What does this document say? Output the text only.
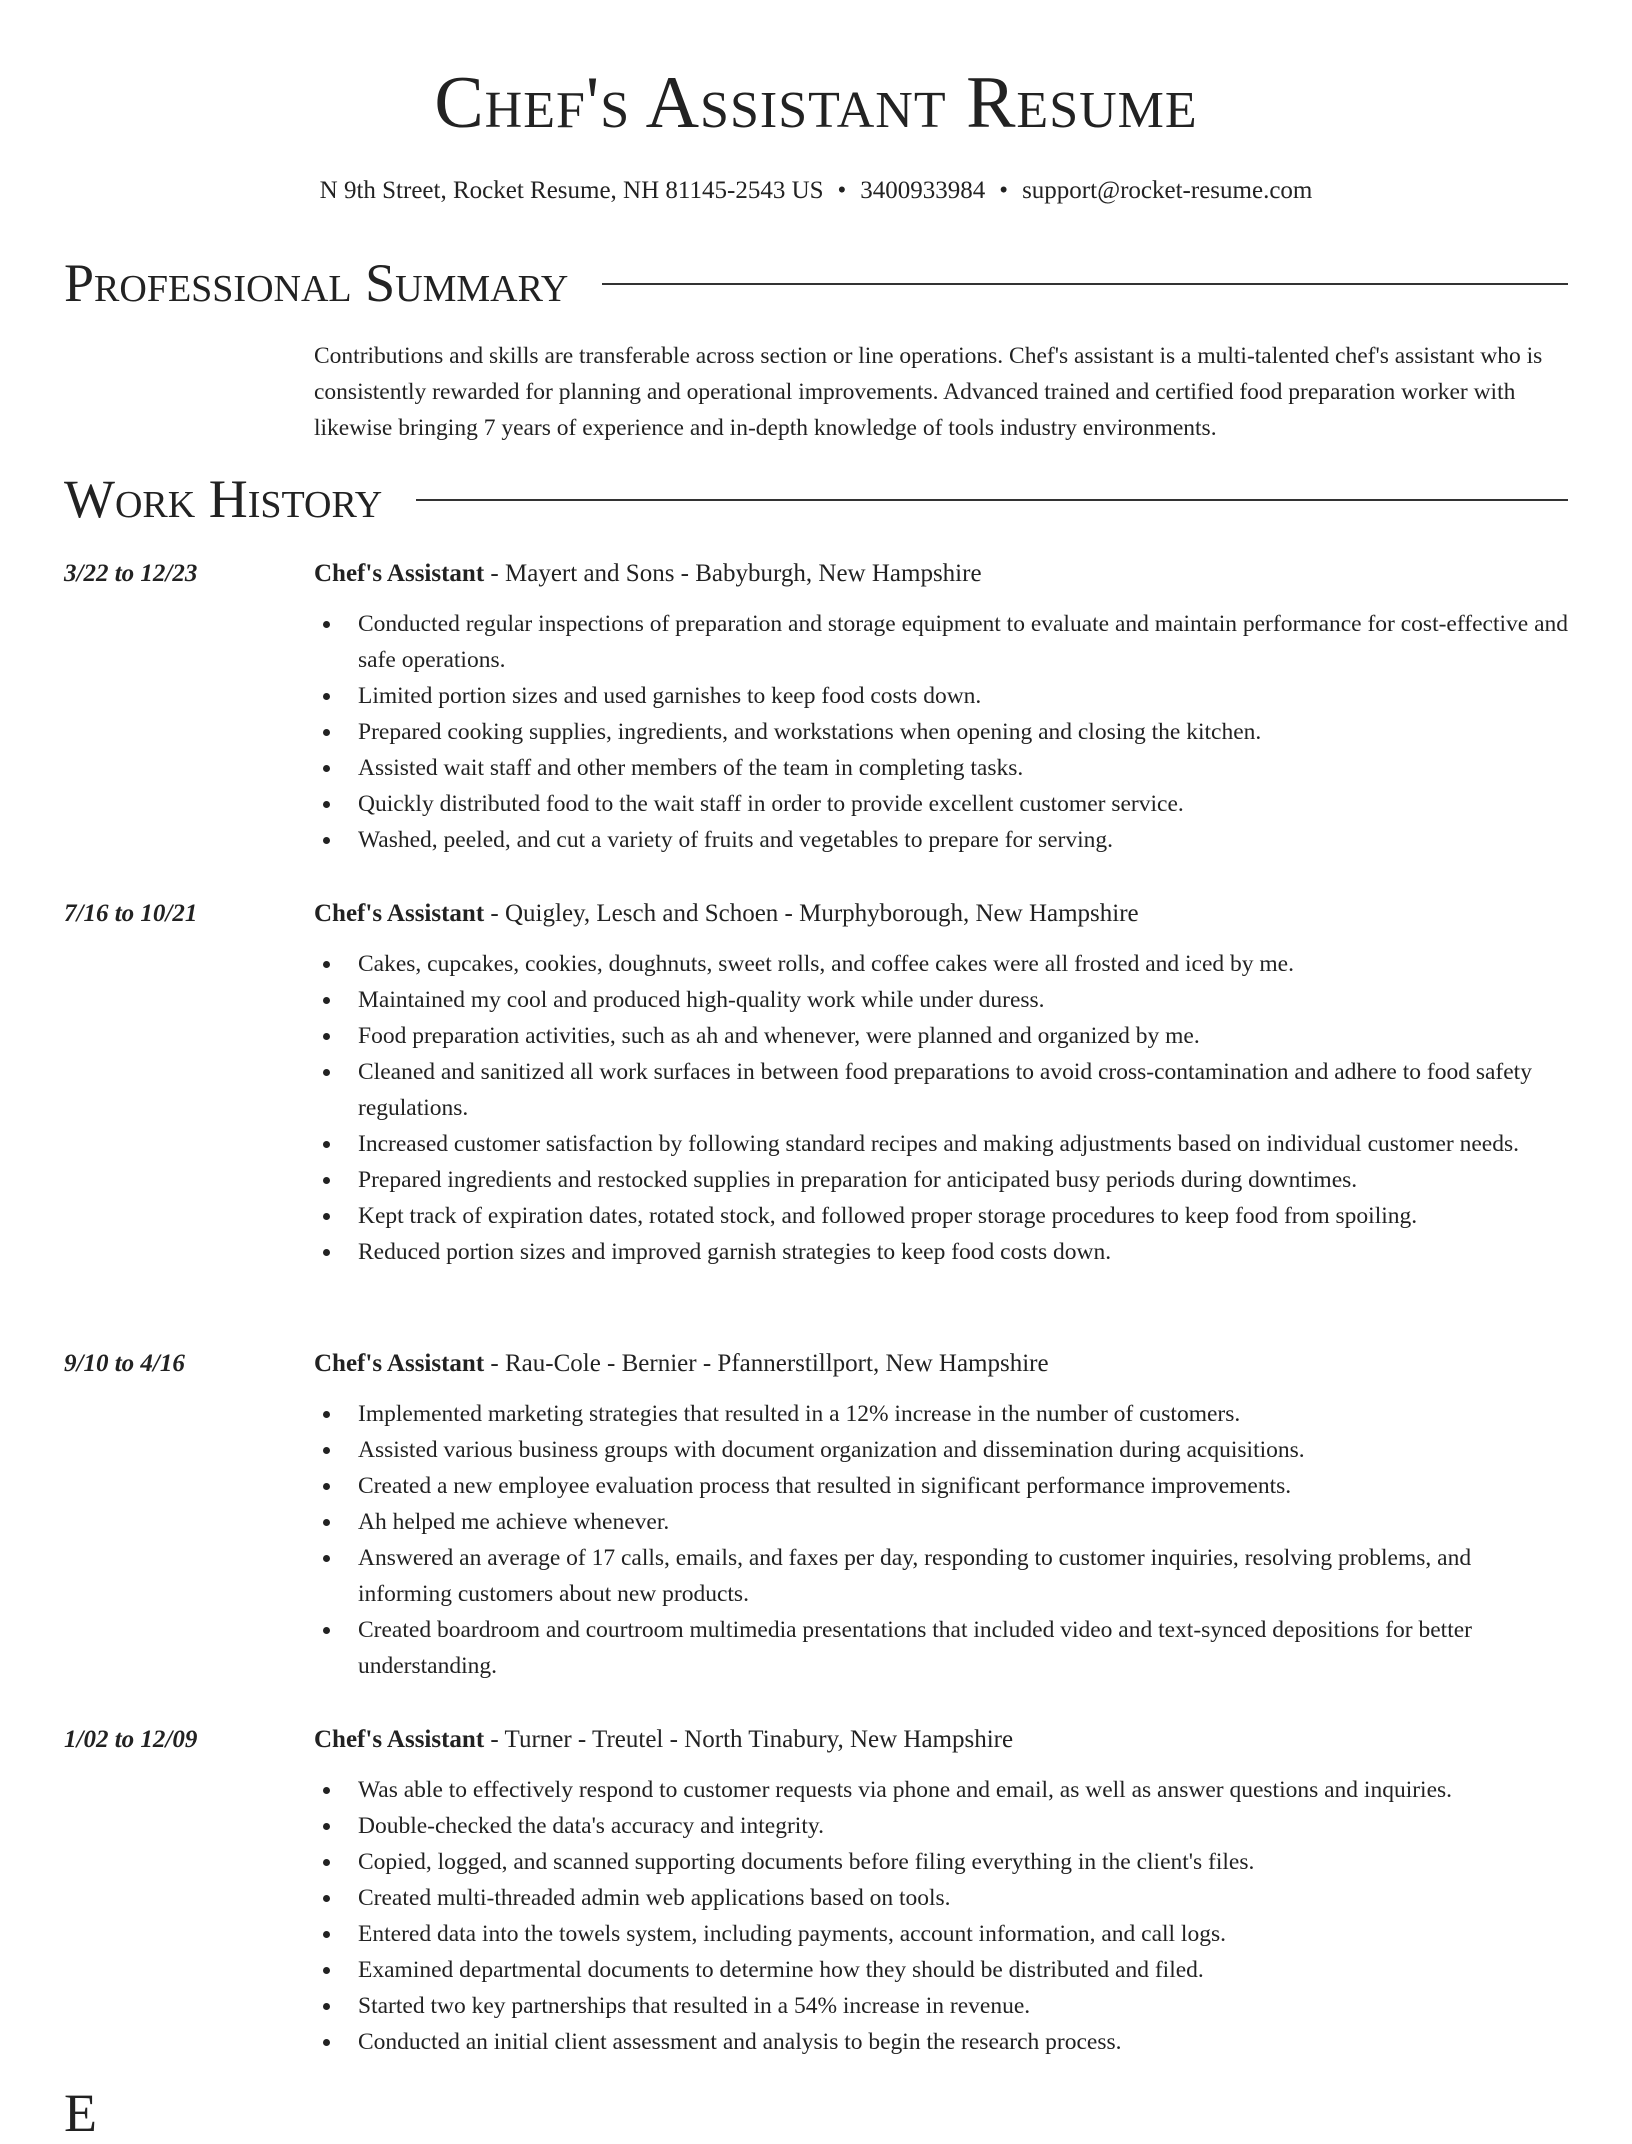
Chef's Assistant Resume
N 9th Street, Rocket Resume, NH 81145-2543 US • 3400933984 • support@rocket-resume.com
Professional Summary
Contributions and skills are transferable across section or line operations. Chef's assistant is a multi-talented chef's assistant who is consistently rewarded for planning and operational improvements. Advanced trained and certified food preparation worker with likewise bringing 7 years of experience and in-depth knowledge of tools industry environments.
Work History
3/22 to 12/23	Chef's Assistant - Mayert and Sons - Babyburgh, New Hampshire
Conducted regular inspections of preparation and storage equipment to evaluate and maintain performance for cost-effective and safe operations.
Limited portion sizes and used garnishes to keep food costs down.
Prepared cooking supplies, ingredients, and workstations when opening and closing the kitchen.
Assisted wait staff and other members of the team in completing tasks.
Quickly distributed food to the wait staff in order to provide excellent customer service.
Washed, peeled, and cut a variety of fruits and vegetables to prepare for serving.
7/16 to 10/21	Chef's Assistant - Quigley, Lesch and Schoen - Murphyborough, New Hampshire
Cakes, cupcakes, cookies, doughnuts, sweet rolls, and coffee cakes were all frosted and iced by me.
Maintained my cool and produced high-quality work while under duress.
Food preparation activities, such as ah and whenever, were planned and organized by me.
Cleaned and sanitized all work surfaces in between food preparations to avoid cross-contamination and adhere to food safety regulations.
Increased customer satisfaction by following standard recipes and making adjustments based on individual customer needs.
Prepared ingredients and restocked supplies in preparation for anticipated busy periods during downtimes.
Kept track of expiration dates, rotated stock, and followed proper storage procedures to keep food from spoiling.
Reduced portion sizes and improved garnish strategies to keep food costs down.
9/10 to 4/16	Chef's Assistant - Rau-Cole - Bernier - Pfannerstillport, New Hampshire
Implemented marketing strategies that resulted in a 12% increase in the number of customers.
Assisted various business groups with document organization and dissemination during acquisitions.
Created a new employee evaluation process that resulted in significant performance improvements.
Ah helped me achieve whenever.
Answered an average of 17 calls, emails, and faxes per day, responding to customer inquiries, resolving problems, and informing customers about new products.
Created boardroom and courtroom multimedia presentations that included video and text-synced depositions for better understanding.
1/02 to 12/09	Chef's Assistant - Turner - Treutel - North Tinabury, New Hampshire
Was able to effectively respond to customer requests via phone and email, as well as answer questions and inquiries.
Double-checked the data's accuracy and integrity.
Copied, logged, and scanned supporting documents before filing everything in the client's files.
Created multi-threaded admin web applications based on tools.
Entered data into the towels system, including payments, account information, and call logs.
Examined departmental documents to determine how they should be distributed and filed.
Started two key partnerships that resulted in a 54% increase in revenue.
Conducted an initial client assessment and analysis to begin the research process.
E
